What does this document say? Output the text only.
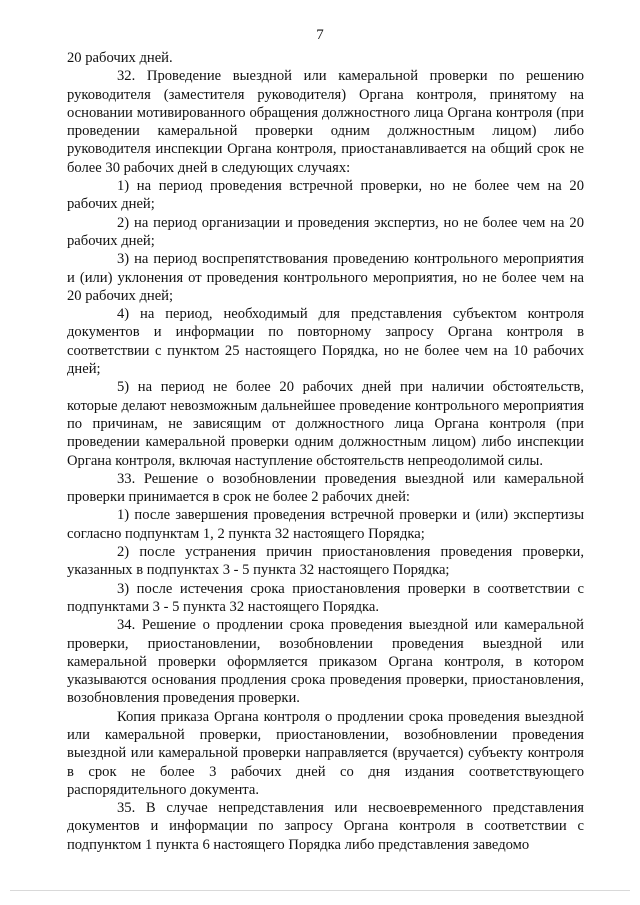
7

20 рабочих дней.

32. Проведение выездной или камеральной проверки по решению руководителя (заместителя руководителя) Органа контроля, принятому на основании мотивированного обращения должностного лица Органа контроля (при проведении камеральной проверки одним должностным лицом) либо руководителя инспекции Органа контроля, приостанавливается на общий срок не более 30 рабочих дней в следующих случаях:

1) на период проведения встречной проверки, но не более чем на 20 рабочих дней;

2) на период организации и проведения экспертиз, но не более чем на 20 рабочих дней;

3) на период воспрепятствования проведению контрольного мероприятия и (или) уклонения от проведения контрольного мероприятия, но не более чем на 20 рабочих дней;

4) на период, необходимый для представления субъектом контроля документов и информации по повторному запросу Органа контроля в соответствии с пунктом 25 настоящего Порядка, но не более чем на 10 рабочих дней;

5) на период не более 20 рабочих дней при наличии обстоятельств, которые делают невозможным дальнейшее проведение контрольного мероприятия по причинам, не зависящим от должностного лица Органа контроля (при проведении камеральной проверки одним должностным лицом) либо инспекции Органа контроля, включая наступление обстоятельств непреодолимой силы.

33. Решение о возобновлении проведения выездной или камеральной проверки принимается в срок не более 2 рабочих дней:

1) после завершения проведения встречной проверки и (или) экспертизы согласно подпунктам 1, 2 пункта 32 настоящего Порядка;

2) после устранения причин приостановления проведения проверки, указанных в подпунктах 3 - 5 пункта 32 настоящего Порядка;

3) после истечения срока приостановления проверки в соответствии с подпунктами 3 - 5 пункта 32 настоящего Порядка.

34. Решение о продлении срока проведения выездной или камеральной проверки, приостановлении, возобновлении проведения выездной или камеральной проверки оформляется приказом Органа контроля, в котором указываются основания продления срока проведения проверки, приостановления, возобновления проведения проверки.

Копия приказа Органа контроля о продлении срока проведения выездной или камеральной проверки, приостановлении, возобновлении проведения выездной или камеральной проверки направляется (вручается) субъекту контроля в срок не более 3 рабочих дней со дня издания соответствующего распорядительного документа.

35. В случае непредставления или несвоевременного представления документов и информации по запросу Органа контроля в соответствии с подпунктом 1 пункта 6 настоящего Порядка либо представления заведомо
